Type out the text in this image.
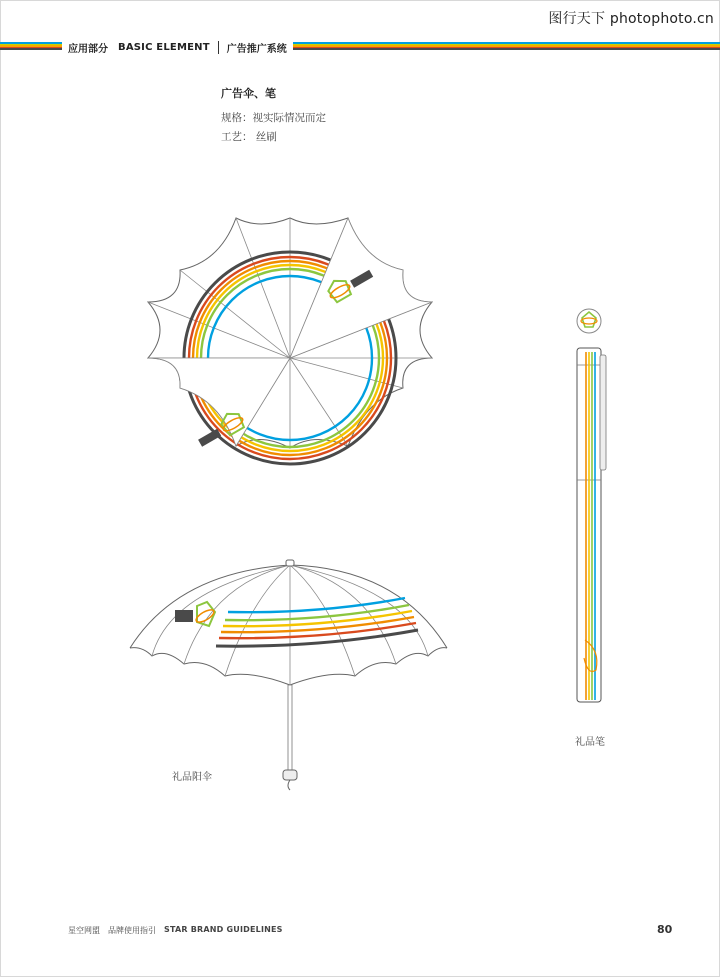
图行天下 photophoto.cn
应用部分 BASIC ELEMENT 广告推广系统
广告伞、笔
规格：视实际情况而定
工艺： 丝刷
礼品阳伞
礼品笔
星空网盟 品牌使用指引 STAR BRAND GUIDELINES	80
